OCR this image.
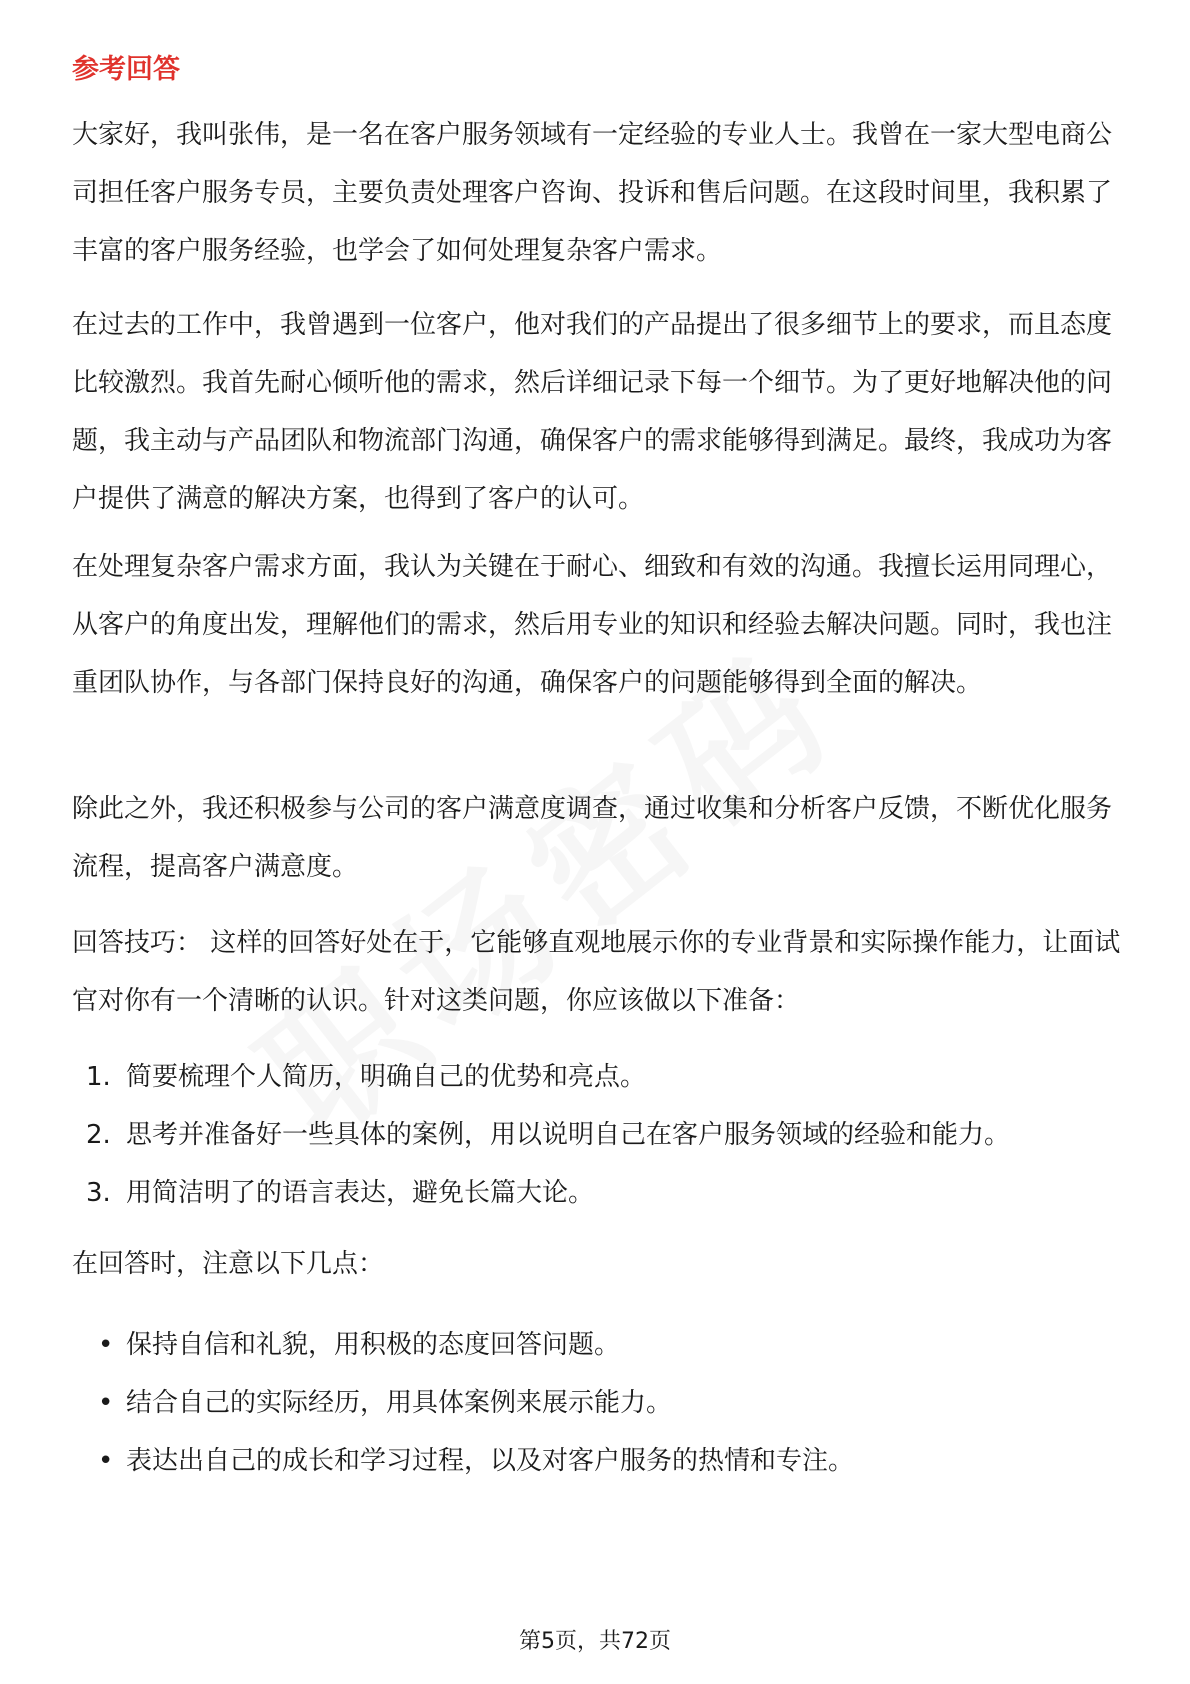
参考回答

大家好，我叫张伟，是一名在客户服务领域有一定经验的专业人士。我曾在一家大型电商公司担任客户服务专员，主要负责处理客户咨询、投诉和售后问题。在这段时间里，我积累了丰富的客户服务经验，也学会了如何处理复杂客户需求。

在过去的工作中，我曾遇到一位客户，他对我们的产品提出了很多细节上的要求，而且态度比较激烈。我首先耐心倾听他的需求，然后详细记录下每一个细节。为了更好地解决他的问题，我主动与产品团队和物流部门沟通，确保客户的需求能够得到满足。最终，我成功为客户提供了满意的解决方案，也得到了客户的认可。

在处理复杂客户需求方面，我认为关键在于耐心、细致和有效的沟通。我擅长运用同理心，从客户的角度出发，理解他们的需求，然后用专业的知识和经验去解决问题。同时，我也注重团队协作，与各部门保持良好的沟通，确保客户的问题能够得到全面的解决。

除此之外，我还积极参与公司的客户满意度调查，通过收集和分析客户反馈，不断优化服务流程，提高客户满意度。

回答技巧： 这样的回答好处在于，它能够直观地展示你的专业背景和实际操作能力，让面试官对你有一个清晰的认识。针对这类问题，你应该做以下准备：

1. 简要梳理个人简历，明确自己的优势和亮点。
2. 思考并准备好一些具体的案例，用以说明自己在客户服务领域的经验和能力。
3. 用简洁明了的语言表达，避免长篇大论。

在回答时，注意以下几点：

• 保持自信和礼貌，用积极的态度回答问题。
• 结合自己的实际经历，用具体案例来展示能力。
• 表达出自己的成长和学习过程，以及对客户服务的热情和专注。
第5页，共72页
